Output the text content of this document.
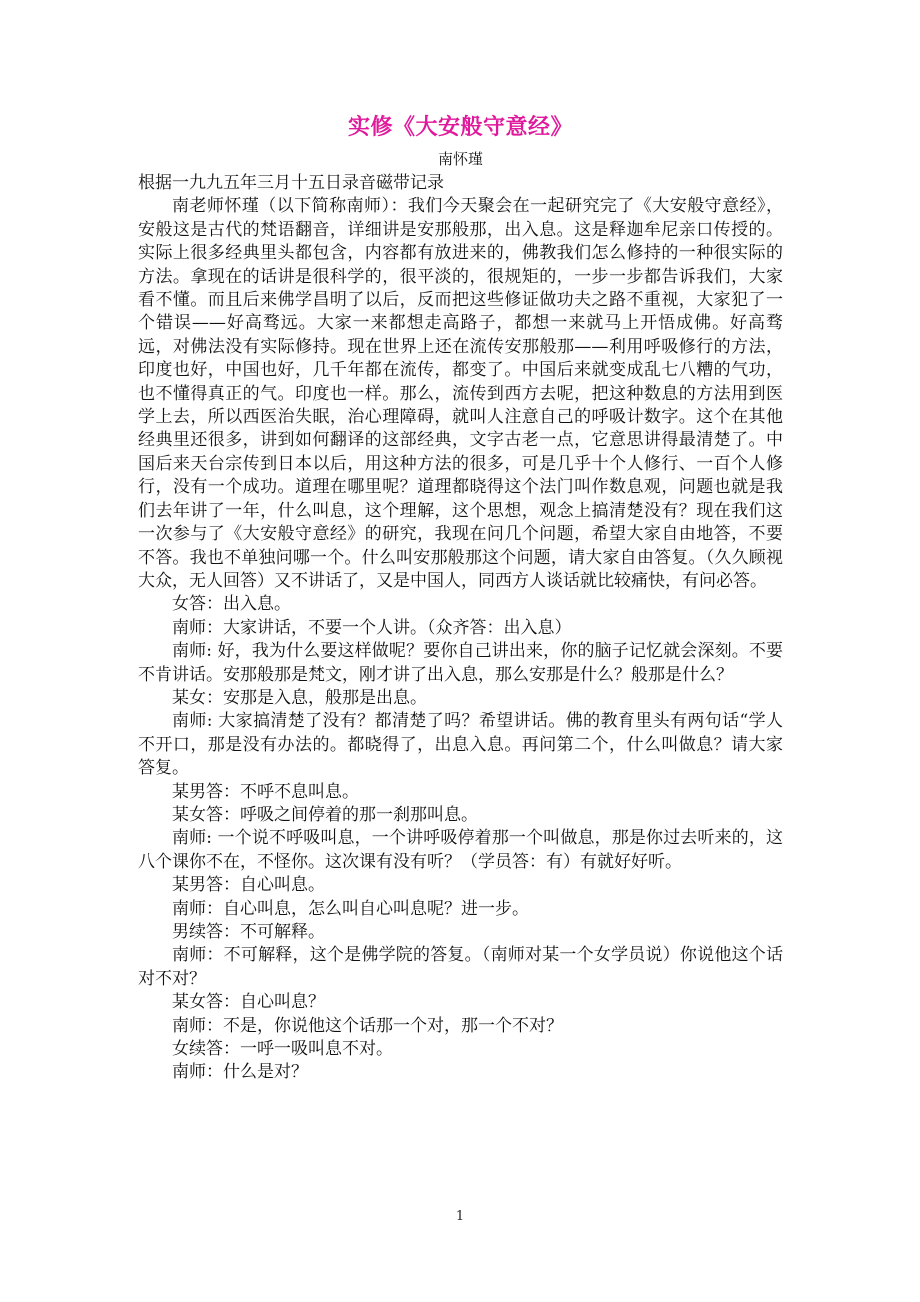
实修《大安般守意经》
南怀瑾
根据一九九五年三月十五日录音磁带记录

南老师怀瑾（以下简称南师）：我们今天聚会在一起研究完了《大安般守意经》，安般这是古代的梵语翻音，详细讲是安那般那，出入息。这是释迦牟尼亲口传授的。实际上很多经典里头都包含，内容都有放进来的，佛教我们怎么修持的一种很实际的方法。拿现在的话讲是很科学的，很平淡的，很规矩的，一步一步都告诉我们，大家看不懂。而且后来佛学昌明了以后，反而把这些修证做功夫之路不重视，大家犯了一个错误——好高骛远。大家一来都想走高路子，都想一来就马上开悟成佛。好高骛远，对佛法没有实际修持。现在世界上还在流传安那般那——利用呼吸修行的方法，印度也好，中国也好，几千年都在流传，都变了。中国后来就变成乱七八糟的气功，也不懂得真正的气。印度也一样。那么，流传到西方去呢，把这种数息的方法用到医学上去，所以西医治失眠，治心理障碍，就叫人注意自己的呼吸计数字。这个在其他经典里还很多，讲到如何翻译的这部经典，文字古老一点，它意思讲得最清楚了。中国后来天台宗传到日本以后，用这种方法的很多，可是几乎十个人修行、一百个人修行，没有一个成功。道理在哪里呢？道理都晓得这个法门叫作数息观，问题也就是我们去年讲了一年，什么叫息，这个理解，这个思想，观念上搞清楚没有？现在我们这一次参与了《大安般守意经》的研究，我现在问几个问题，希望大家自由地答，不要不答。我也不单独问哪一个。什么叫安那般那这个问题，请大家自由答复。（久久顾视大众，无人回答）又不讲话了，又是中国人，同西方人谈话就比较痛快，有问必答。

女答：出入息。

南师：大家讲话，不要一个人讲。（众齐答：出入息）

南师: 好，我为什么要这样做呢？要你自己讲出来，你的脑子记忆就会深刻。不要不肯讲话。安那般那是梵文，刚才讲了出入息，那么安那是什么？般那是什么？

某女：安那是入息，般那是出息。

南师: 大家搞清楚了没有？都清楚了吗？希望讲话。佛的教育里头有两句话“学人不开口，那是没有办法的。都晓得了，出息入息。再问第二个，什么叫做息？请大家答复。

某男答：不呼不息叫息。

某女答：呼吸之间停着的那一刹那叫息。

南师: 一个说不呼吸叫息，一个讲呼吸停着那一个叫做息，那是你过去听来的，这八个课你不在，不怪你。这次课有没有听？（学员答：有）有就好好听。

某男答：自心叫息。

南师：自心叫息，怎么叫自心叫息呢？进一步。

男续答：不可解释。

南师：不可解释，这个是佛学院的答复。（南师对某一个女学员说）你说他这个话对不对？

某女答：自心叫息？

南师：不是，你说他这个话那一个对，那一个不对？

女续答：一呼一吸叫息不对。

南师：什么是对？

1
